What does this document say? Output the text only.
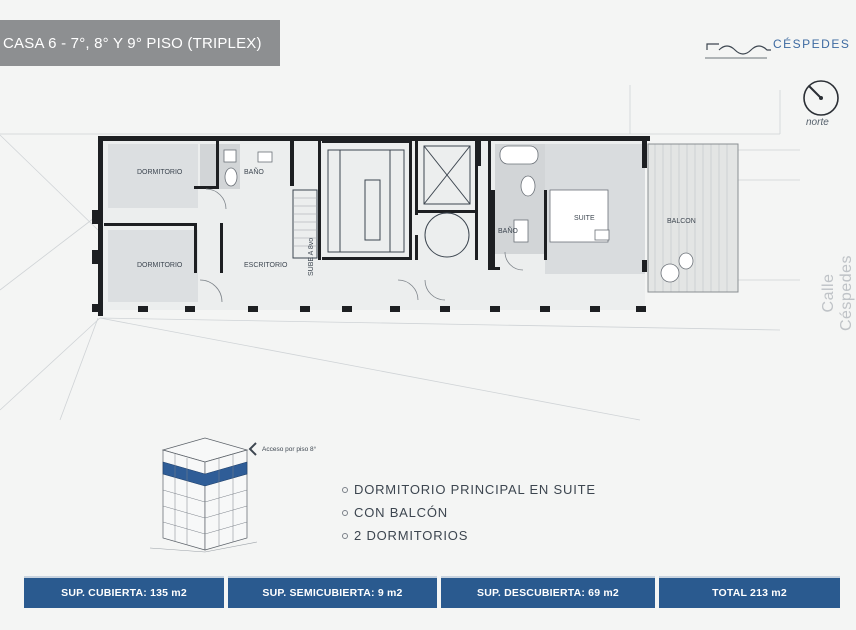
CASA 6 - 7°, 8° Y 9° PISO (TRIPLEX)	CÉSPEDES
norte
Calle Céspedes
DORMITORIO
DORMITORIO
BAÑO
ESCRITORIO	SUBE A 8vo
BAÑO
SUITE	BALCON
Acceso por piso 8°
DORMITORIO PRINCIPAL EN SUITE
CON BALCÓN
2 DORMITORIOS
SUP. CUBIERTA: 135 m2	SUP. SEMICUBIERTA: 9 m2	SUP. DESCUBIERTA: 69 m2	TOTAL 213 m2
